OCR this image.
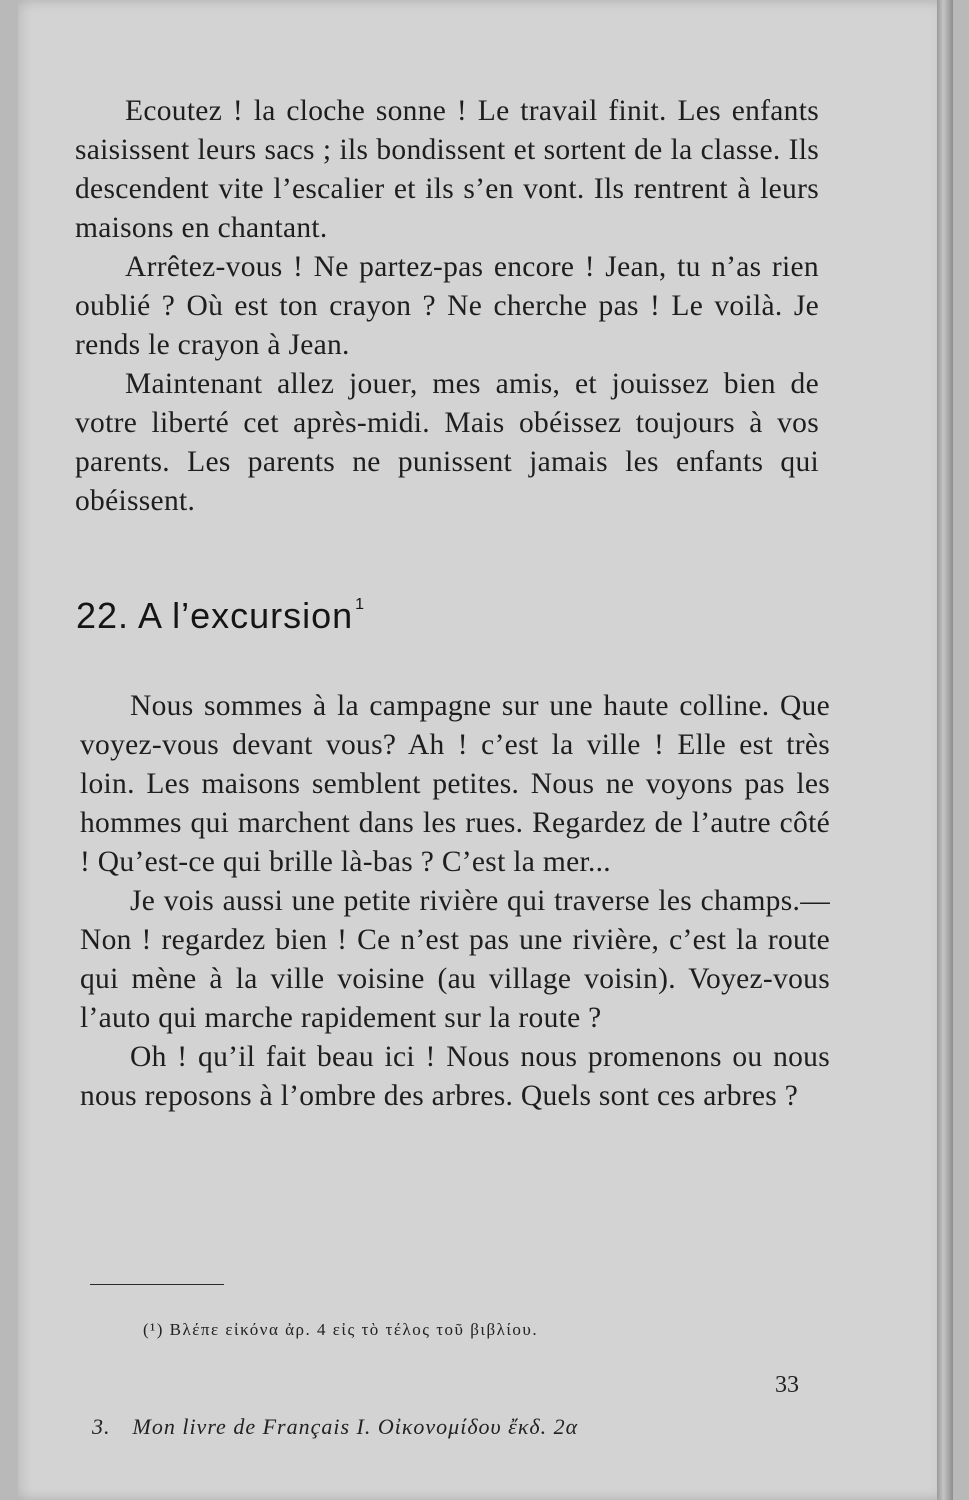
Ecoutez ! la cloche sonne ! Le travail finit. Les enfants saisissent leurs sacs ; ils bondissent et sortent de la classe. Ils descendent vite l’escalier et ils s’en vont. Ils rentrent à leurs maisons en chantant.

Arrêtez-vous ! Ne partez-pas encore ! Jean, tu n’as rien oublié ? Où est ton crayon ? Ne cherche pas ! Le voilà. Je rends le crayon à Jean.

Maintenant allez jouer, mes amis, et jouissez bien de votre liberté cet après-midi. Mais obéissez toujours à vos parents. Les parents ne punissent jamais les enfants qui obéissent.

22. A l’excursion $^1$

Nous sommes à la campagne sur une haute colline. Que voyez-vous devant vous? Ah ! c’est la ville ! Elle est très loin. Les maisons semblent petites. Nous ne voyons pas les hommes qui marchent dans les rues. Regardez de l’autre côté ! Qu’est-ce qui brille là-bas ? C’est la mer...

Je vois aussi une petite rivière qui traverse les champs.—Non ! regardez bien ! Ce n’est pas une rivière, c’est la route qui mène à la ville voisine (au village voisin). Voyez-vous l’auto qui marche rapidement sur la route ?

Oh ! qu’il fait beau ici ! Nous nous promenons ou nous nous reposons à l’ombre des arbres. Quels sont ces arbres ?

(¹) Βλέπε εἰκόνα ἀρ. 4 εἰς τὸ τέλος τοῦ βιβλίου.
33
3. Mon livre de Français I. Οἰκονομίδου ἔκδ. 2α
